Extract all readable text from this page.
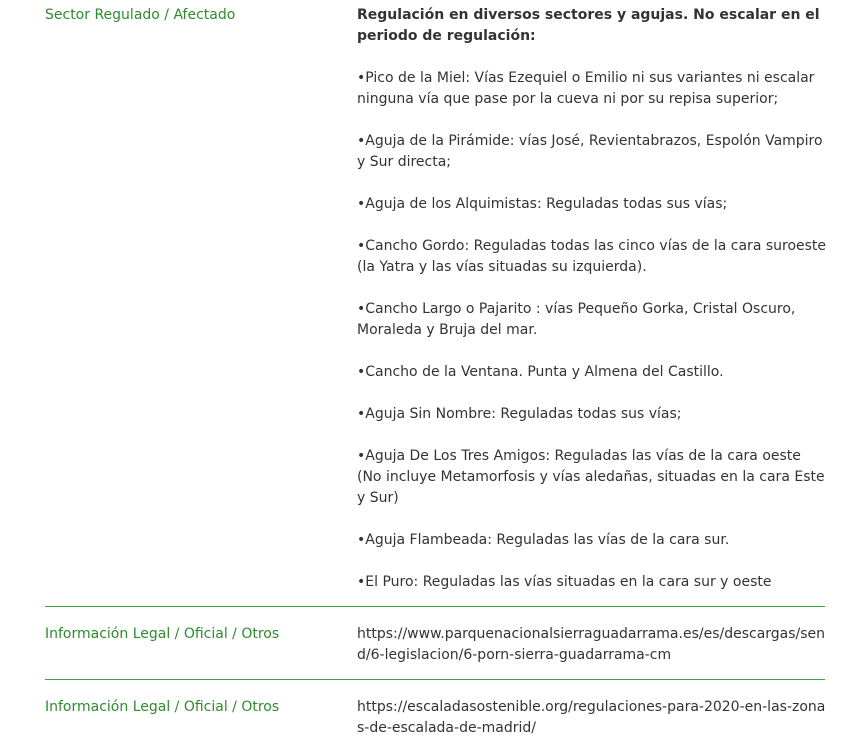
Sector Regulado / Afectado	Regulación en diversos sectores y agujas. No escalar en el periodo de regulación:

•Pico de la Miel: Vías Ezequiel o Emilio ni sus variantes ni escalar ninguna vía que pase por la cueva ni por su repisa superior;

•Aguja de la Pirámide: vías José, Revientabrazos, Espolón Vampiro y Sur directa;

•Aguja de los Alquimistas: Reguladas todas sus vías;

•Cancho Gordo: Reguladas todas las cinco vías de la cara suroeste (la Yatra y las vías situadas su izquierda).

•Cancho Largo o Pajarito : vías Pequeño Gorka, Cristal Oscuro, Moraleda y Bruja del mar.

•Cancho de la Ventana. Punta y Almena del Castillo.

•Aguja Sin Nombre: Reguladas todas sus vías;

•Aguja De Los Tres Amigos: Reguladas las vías de la cara oeste (No incluye Metamorfosis y vías aledañas, situadas en la cara Este y Sur)

•Aguja Flambeada: Reguladas las vías de la cara sur.

•El Puro: Reguladas las vías situadas en la cara sur y oeste

Información Legal / Oficial / Otros	https://www.parquenacionalsierraguadarrama.es/es/descargas/send/6-legislacion/6-porn-sierra-guadarrama-cm
Información Legal / Oficial / Otros	https://escaladasostenible.org/regulaciones-para-2020-en-las-zonas-de-escalada-de-madrid/
